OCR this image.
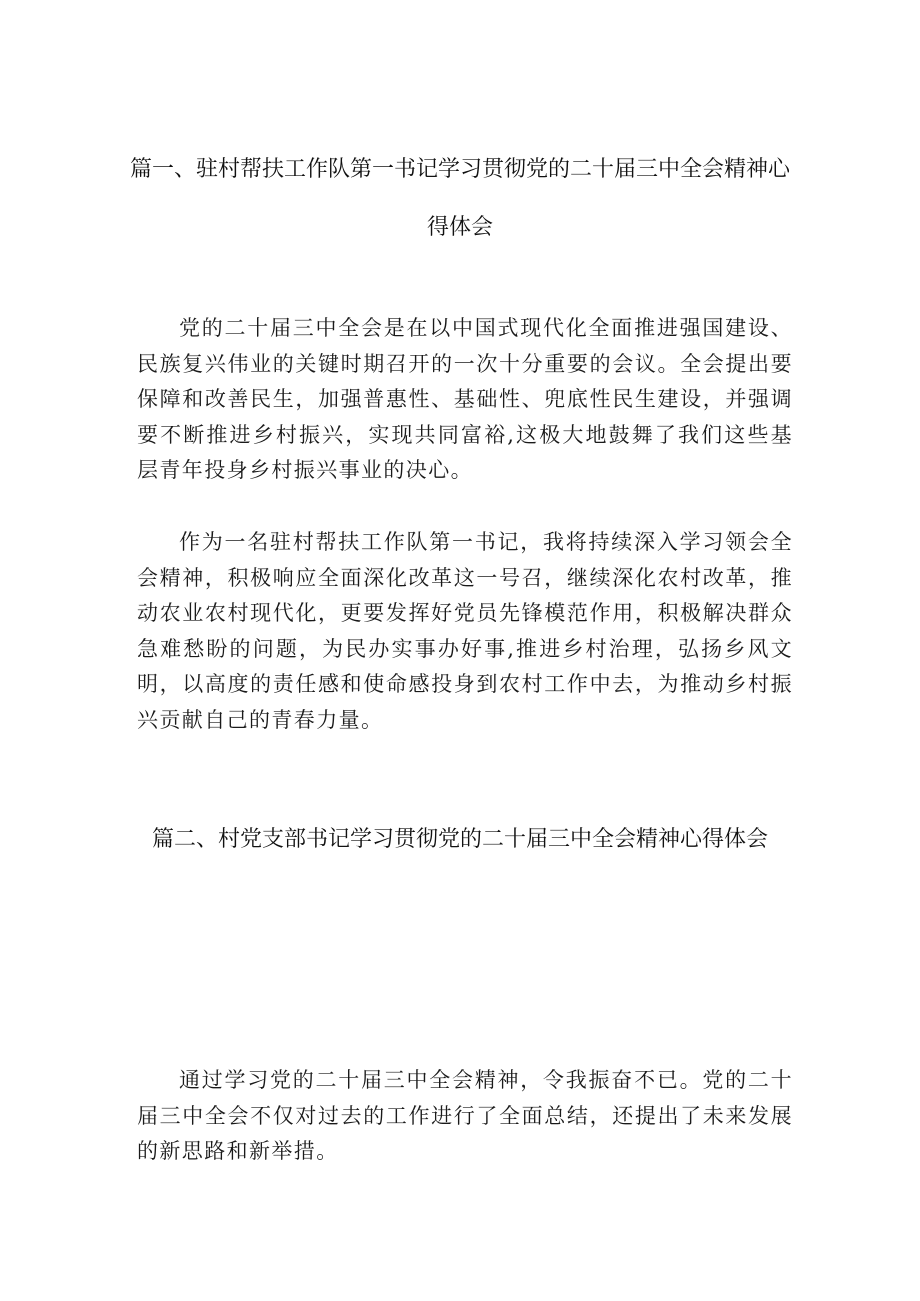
篇一、驻村帮扶工作队第一书记学习贯彻党的二十届三中全会精神心得体会

党的二十届三中全会是在以中国式现代化全面推进强国建设、民族复兴伟业的关键时期召开的一次十分重要的会议。全会提出要保障和改善民生，加强普惠性、基础性、兜底性民生建设，并强调要不断推进乡村振兴，实现共同富裕,这极大地鼓舞了我们这些基层青年投身乡村振兴事业的决心。

作为一名驻村帮扶工作队第一书记，我将持续深入学习领会全会精神，积极响应全面深化改革这一号召，继续深化农村改革，推动农业农村现代化，更要发挥好党员先锋模范作用，积极解决群众急难愁盼的问题，为民办实事办好事,推进乡村治理，弘扬乡风文明，以高度的责任感和使命感投身到农村工作中去，为推动乡村振兴贡献自己的青春力量。

篇二、村党支部书记学习贯彻党的二十届三中全会精神心得体会

通过学习党的二十届三中全会精神，令我振奋不已。党的二十届三中全会不仅对过去的工作进行了全面总结，还提出了未来发展的新思路和新举措。
